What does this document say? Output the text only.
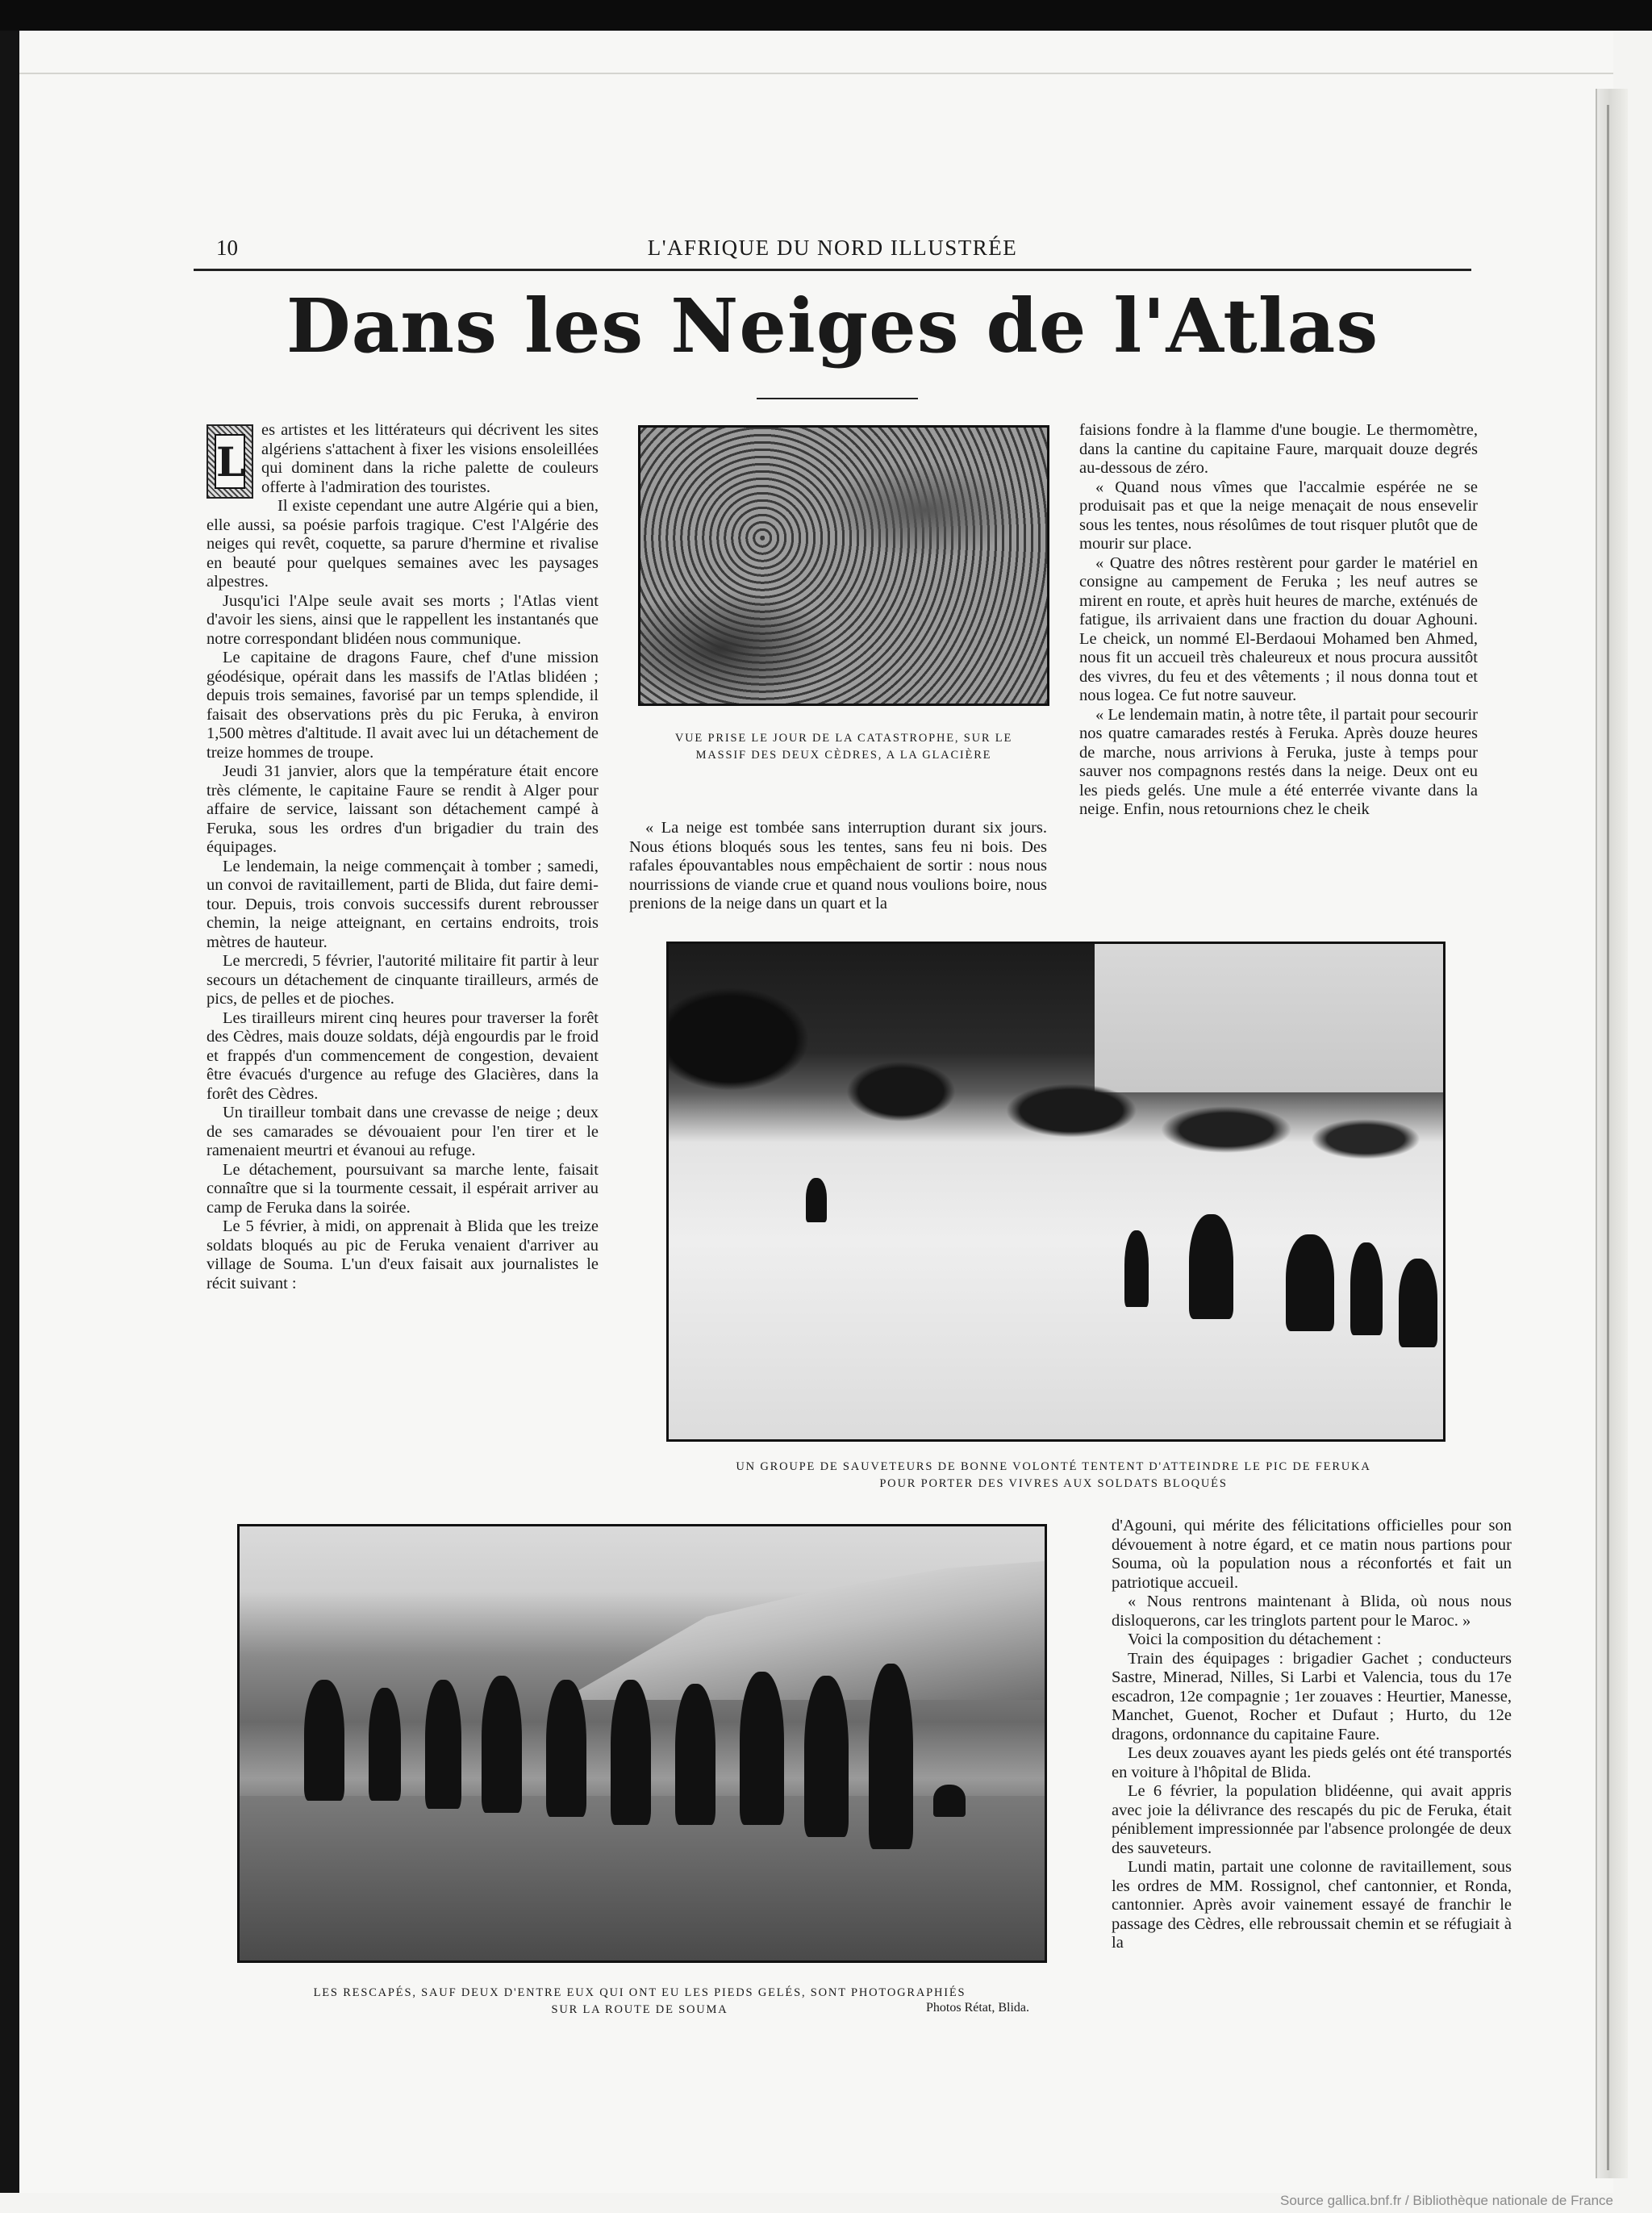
10	L'AFRIQUE DU NORD ILLUSTRÉE
Dans les Neiges de l'Atlas
L

es artistes et les littérateurs qui décrivent les sites algériens s'attachent à fixer les visions ensoleillées qui dominent dans la riche palette de couleurs offerte à l'admiration des touristes.

Il existe cependant une autre Algérie qui a bien, elle aussi, sa poésie parfois tragique. C'est l'Algérie des neiges qui revêt, coquette, sa parure d'hermine et rivalise en beauté pour quelques semaines avec les paysages alpestres.

Jusqu'ici l'Alpe seule avait ses morts ; l'Atlas vient d'avoir les siens, ainsi que le rappellent les instantanés que notre correspondant blidéen nous communique.

Le capitaine de dragons Faure, chef d'une mission géodésique, opérait dans les massifs de l'Atlas blidéen ; depuis trois semaines, favorisé par un temps splendide, il faisait des observations près du pic Feruka, à environ 1,500 mètres d'altitude. Il avait avec lui un détachement de treize hommes de troupe.

Jeudi 31 janvier, alors que la température était encore très clémente, le capitaine Faure se rendit à Alger pour affaire de service, laissant son détachement campé à Feruka, sous les ordres d'un brigadier du train des équipages.

Le lendemain, la neige commençait à tomber ; samedi, un convoi de ravitaillement, parti de Blida, dut faire demi-tour. Depuis, trois convois successifs durent rebrousser chemin, la neige atteignant, en certains endroits, trois mètres de hauteur.

Le mercredi, 5 février, l'autorité militaire fit partir à leur secours un détachement de cinquante tirailleurs, armés de pics, de pelles et de pioches.

Les tirailleurs mirent cinq heures pour traverser la forêt des Cèdres, mais douze soldats, déjà engourdis par le froid et frappés d'un commencement de congestion, devaient être évacués d'urgence au refuge des Glacières, dans la forêt des Cèdres.

Un tirailleur tombait dans une crevasse de neige ; deux de ses camarades se dévouaient pour l'en tirer et le ramenaient meurtri et évanoui au refuge.

Le détachement, poursuivant sa marche lente, faisait connaître que si la tourmente cessait, il espérait arriver au camp de Feruka dans la soirée.

Le 5 février, à midi, on apprenait à Blida que les treize soldats bloqués au pic de Feruka venaient d'arriver au village de Souma. L'un d'eux faisait aux journalistes le récit suivant :

VUE PRISE LE JOUR DE LA CATASTROPHE, SUR LE
MASSIF DES DEUX CÈDRES, A LA GLACIÈRE

« La neige est tombée sans interruption durant six jours. Nous étions bloqués sous les tentes, sans feu ni bois. Des rafales épouvantables nous empêchaient de sortir : nous nous nourrissions de viande crue et quand nous voulions boire, nous prenions de la neige dans un quart et la

faisions fondre à la flamme d'une bougie. Le thermomètre, dans la cantine du capitaine Faure, marquait douze degrés au-dessous de zéro.

« Quand nous vîmes que l'accalmie espérée ne se produisait pas et que la neige menaçait de nous ensevelir sous les tentes, nous résolûmes de tout risquer plutôt que de mourir sur place.

« Quatre des nôtres restèrent pour garder le matériel en consigne au campement de Feruka ; les neuf autres se mirent en route, et après huit heures de marche, exténués de fatigue, ils arrivaient dans une fraction du douar Aghouni. Le cheick, un nommé El-Berdaoui Mohamed ben Ahmed, nous fit un accueil très chaleureux et nous procura aussitôt des vivres, du feu et des vêtements ; il nous donna tout et nous logea. Ce fut notre sauveur.

« Le lendemain matin, à notre tête, il partait pour secourir nos quatre camarades restés à Feruka. Après douze heures de marche, nous arrivions à Feruka, juste à temps pour sauver nos compagnons restés dans la neige. Deux ont eu les pieds gelés. Une mule a été enterrée vivante dans la neige. Enfin, nous retournions chez le cheik

UN GROUPE DE SAUVETEURS DE BONNE VOLONTÉ TENTENT D'ATTEINDRE LE PIC DE FERUKA
POUR PORTER DES VIVRES AUX SOLDATS BLOQUÉS
LES RESCAPÉS, SAUF DEUX D'ENTRE EUX QUI ONT EU LES PIEDS GELÉS, SONT PHOTOGRAPHIÉS
SUR LA ROUTE DE SOUMA	Photos Rétat, Blida.

d'Agouni, qui mérite des félicitations officielles pour son dévouement à notre égard, et ce matin nous partions pour Souma, où la population nous a réconfortés et fait un patriotique accueil.

« Nous rentrons maintenant à Blida, où nous nous disloquerons, car les tringlots partent pour le Maroc. »

Voici la composition du détachement :

Train des équipages : brigadier Gachet ; conducteurs Sastre, Minerad, Nilles, Si Larbi et Valencia, tous du 17e escadron, 12e compagnie ; 1er zouaves : Heurtier, Manesse, Manchet, Guenot, Rocher et Dufaut ; Hurto, du 12e dragons, ordonnance du capitaine Faure.

Les deux zouaves ayant les pieds gelés ont été transportés en voiture à l'hôpital de Blida.

Le 6 février, la population blidéenne, qui avait appris avec joie la délivrance des rescapés du pic de Feruka, était péniblement impressionnée par l'absence prolongée de deux des sauveteurs.

Lundi matin, partait une colonne de ravitaillement, sous les ordres de MM. Rossignol, chef cantonnier, et Ronda, cantonnier. Après avoir vainement essayé de franchir le passage des Cèdres, elle rebroussait chemin et se réfugiait à la

Source gallica.bnf.fr / Bibliothèque nationale de France
